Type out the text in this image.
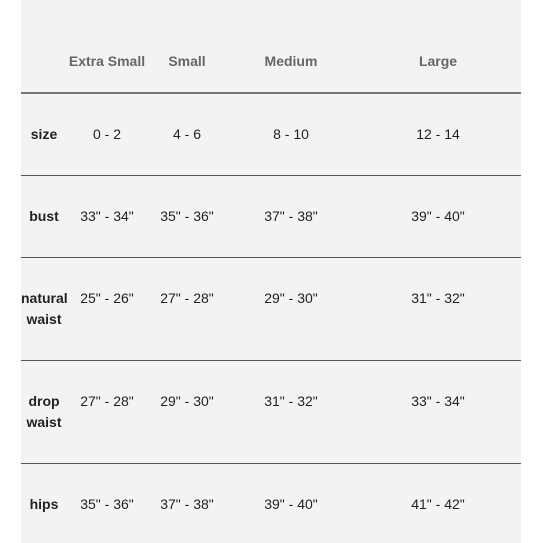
	Extra Small	Small	Medium	Large
size	0 - 2	4 - 6	8 - 10	12 - 14
bust	33" - 34"	35" - 36"	37" - 38"	39" - 40"
natural waist	25" - 26"	27" - 28"	29" - 30"	31" - 32"
drop waist	27" - 28"	29" - 30"	31" - 32"	33" - 34"
hips	35" - 36"	37" - 38"	39" - 40"	41" - 42"
